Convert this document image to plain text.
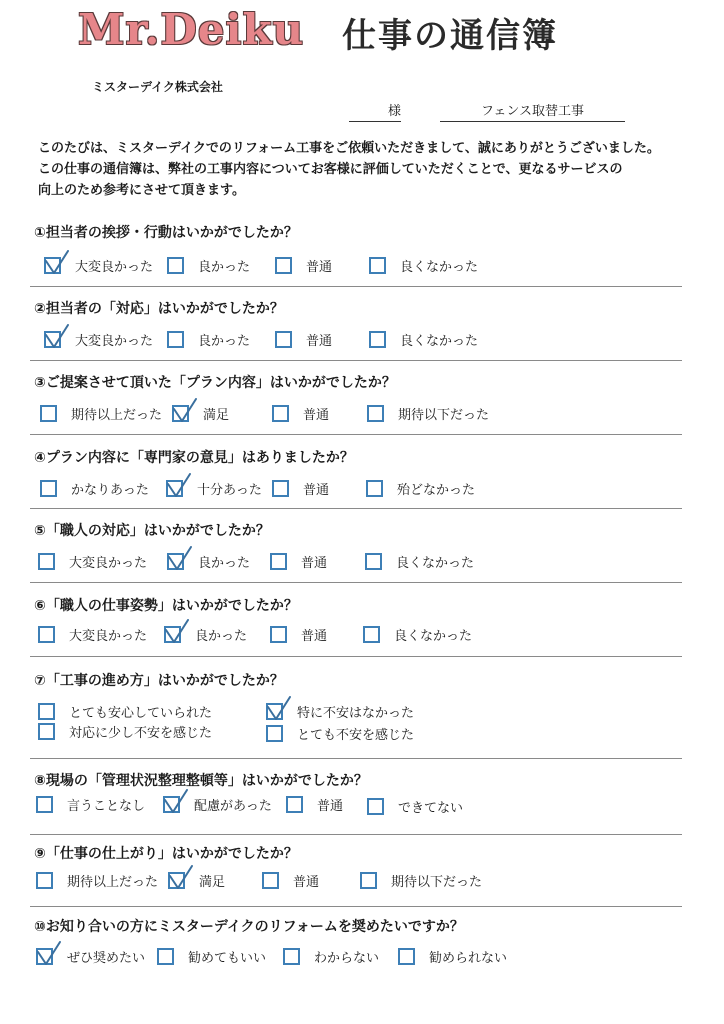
Mr.Deiku 仕事の通信簿
ミスターデイク株式会社
様	フェンス取替工事
このたびは、ミスターデイクでのリフォーム工事をご依頼いただきまして、誠にありがとうございました。
この仕事の通信簿は、弊社の工事内容についてお客様に評価していただくことで、更なるサービスの
向上のため参考にさせて頂きます。
①担当者の挨拶・行動はいかがでしたか？
大変良かった	良かった	普通	良くなかった
②担当者の「対応」はいかがでしたか？
大変良かった	良かった	普通	良くなかった
③ご提案させて頂いた「プラン内容」はいかがでしたか？
期待以上だった	満足	普通	期待以下だった
④プラン内容に「専門家の意見」はありましたか？
かなりあった	十分あった	普通	殆どなかった
⑤「職人の対応」はいかがでしたか？
大変良かった	良かった	普通	良くなかった
⑥「職人の仕事姿勢」はいかがでしたか？
大変良かった	良かった	普通	良くなかった
⑦「工事の進め方」はいかがでしたか？
とても安心していられた	特に不安はなかった
対応に少し不安を感じた	とても不安を感じた
⑧現場の「管理状況整理整頓等」はいかがでしたか？
言うことなし	配慮があった	普通	できてない
⑨「仕事の仕上がり」はいかがでしたか？
期待以上だった	満足	普通	期待以下だった
⑩お知り合いの方にミスターデイクのリフォームを奨めたいですか？
ぜひ奨めたい	勧めてもいい	わからない	勧められない
